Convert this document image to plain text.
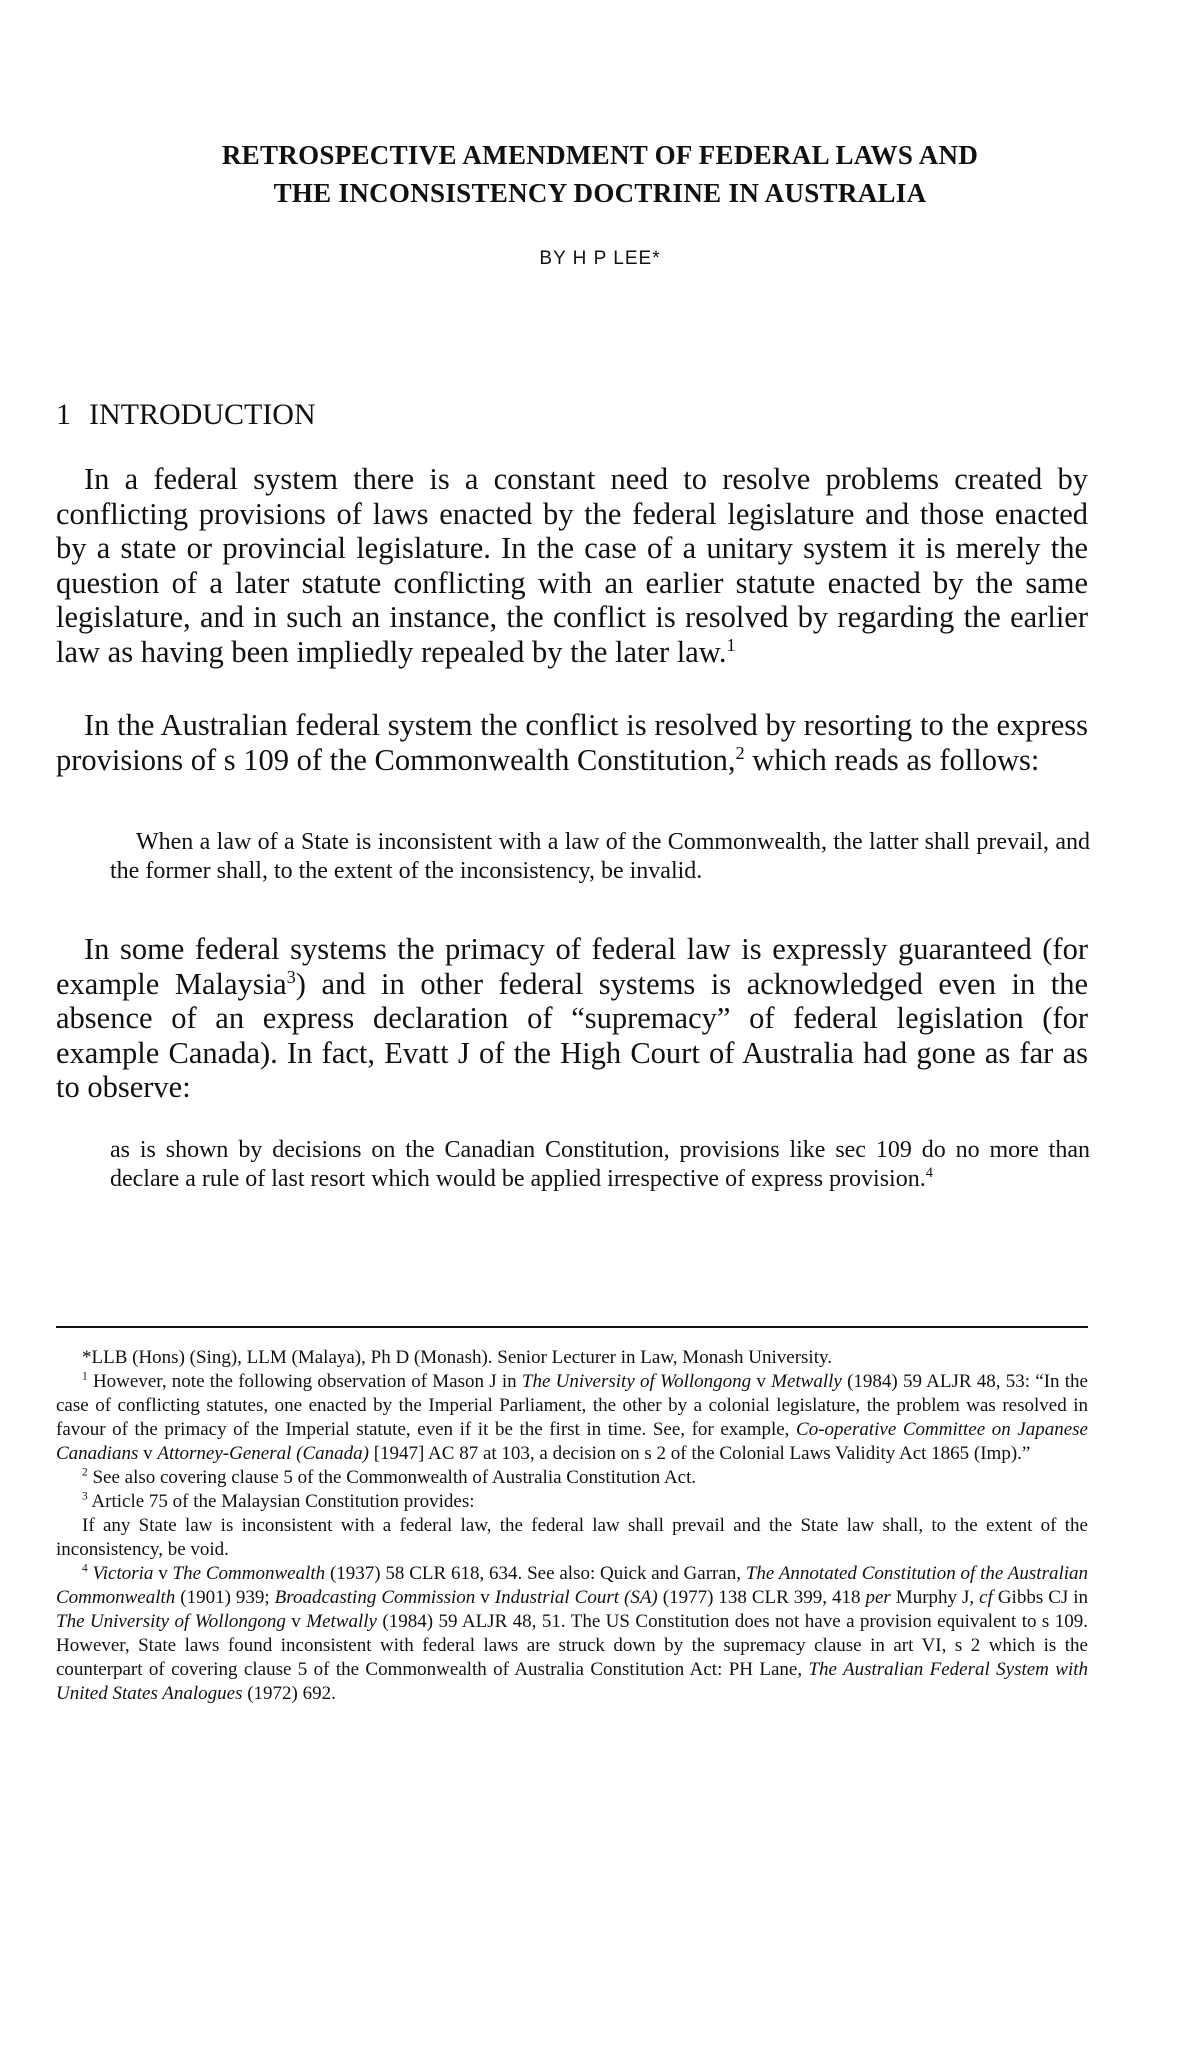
RETROSPECTIVE AMENDMENT OF FEDERAL LAWS AND
THE INCONSISTENCY DOCTRINE IN AUSTRALIA
BY H P LEE*
1 INTRODUCTION

In a federal system there is a constant need to resolve problems created by conflicting provisions of laws enacted by the federal legislature and those enacted by a state or provincial legislature. In the case of a unitary system it is merely the question of a later statute conflicting with an earlier statute enacted by the same legislature, and in such an instance, the conflict is resolved by regarding the earlier law as having been impliedly repealed by the later law.$^1$

In the Australian federal system the conflict is resolved by resorting to the express provisions of s 109 of the Commonwealth Constitution,$^2$ which reads as follows:

When a law of a State is inconsistent with a law of the Commonwealth, the latter shall prevail, and the former shall, to the extent of the inconsistency, be invalid.

In some federal systems the primacy of federal law is expressly guaranteed (for example Malaysia$^3$) and in other federal systems is acknowledged even in the absence of an express declaration of “supremacy” of federal legislation (for example Canada). In fact, Evatt J of the High Court of Australia had gone as far as to observe:

as is shown by decisions on the Canadian Constitution, provisions like sec 109 do no more than declare a rule of last resort which would be applied irrespective of express provision.$^4$

*LLB (Hons) (Sing), LLM (Malaya), Ph D (Monash). Senior Lecturer in Law, Monash University.

$^1$ However, note the following observation of Mason J in The University of Wollongong v Metwally (1984) 59 ALJR 48, 53: “In the case of conflicting statutes, one enacted by the Imperial Parliament, the other by a colonial legislature, the problem was resolved in favour of the primacy of the Imperial statute, even if it be the first in time. See, for example, Co-operative Committee on Japanese Canadians v Attorney-General (Canada) [1947] AC 87 at 103, a decision on s 2 of the Colonial Laws Validity Act 1865 (Imp).”

$^2$ See also covering clause 5 of the Commonwealth of Australia Constitution Act.

$^3$ Article 75 of the Malaysian Constitution provides:

If any State law is inconsistent with a federal law, the federal law shall prevail and the State law shall, to the extent of the inconsistency, be void.

$^4$ Victoria v The Commonwealth (1937) 58 CLR 618, 634. See also: Quick and Garran, The Annotated Constitution of the Australian Commonwealth (1901) 939; Broadcasting Commission v Industrial Court (SA) (1977) 138 CLR 399, 418 per Murphy J, cf Gibbs CJ in The University of Wollongong v Metwally (1984) 59 ALJR 48, 51. The US Constitution does not have a provision equivalent to s 109. However, State laws found inconsistent with federal laws are struck down by the supremacy clause in art VI, s 2 which is the counterpart of covering clause 5 of the Commonwealth of Australia Constitution Act: PH Lane, The Australian Federal System with United States Analogues (1972) 692.
